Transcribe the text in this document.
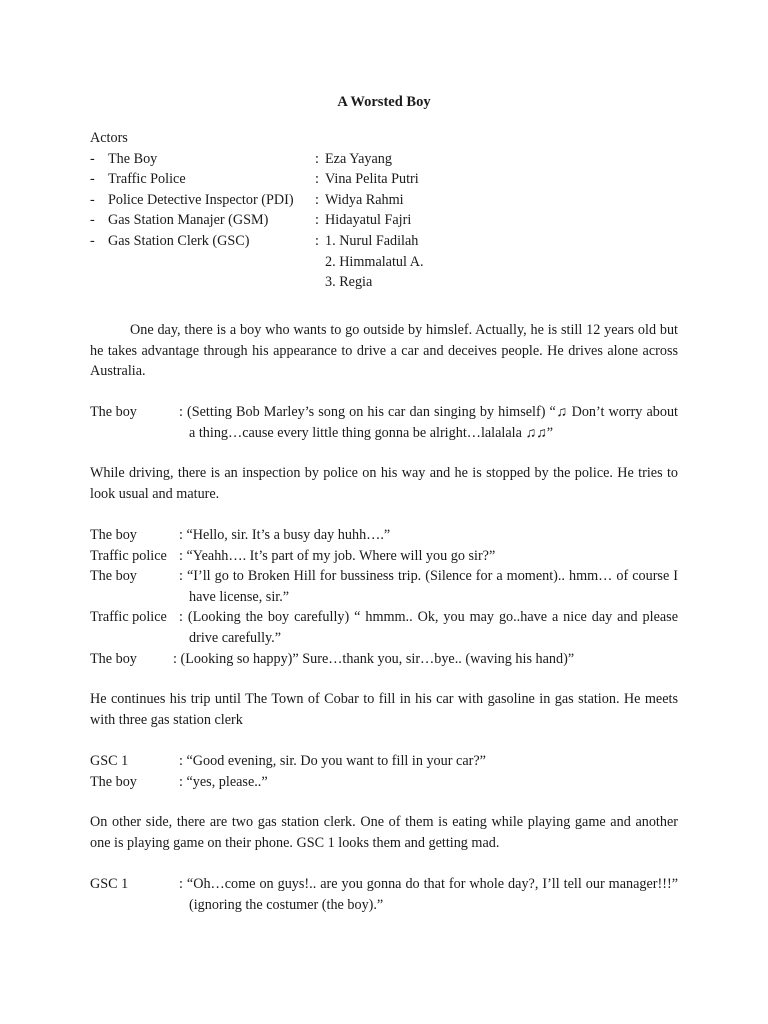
A Worsted Boy
Actors
- The Boy	: Eza Yayang
- Traffic Police	: Vina Pelita Putri
- Police Detective Inspector (PDI) : Widya Rahmi
- Gas Station Manajer (GSM)	: Hidayatul Fajri
- Gas Station Clerk (GSC)	: 1. Nurul Fadilah
2. Himmalatul A.
3. Regia

One day, there is a boy who wants to go outside by himslef. Actually, he is still 12 years old but he takes advantage through his appearance to drive a car and deceives people. He drives alone across Australia.

The boy	: (Setting Bob Marley’s song on his car dan singing by himself) “♫ Don’t worry about a thing…cause every little thing gonna be alright…lalalala ♫♫”

While driving, there is an inspection by police on his way and he is stopped by the police. He tries to look usual and mature.

The boy	: “Hello, sir. It’s a busy day huhh….”
Traffic police : “Yeahh…. It’s part of my job. Where will you go sir?”
The boy	: “I’ll go to Broken Hill for bussiness trip. (Silence for a moment).. hmm… of course I have license, sir.”
Traffic police : (Looking the boy carefully) “ hmmm.. Ok, you may go..have a nice day and please drive carefully.”
The boy	: (Looking so happy)” Sure…thank you, sir…bye.. (waving his hand)”

He continues his trip until The Town of Cobar to fill in his car with gasoline in gas station. He meets with three gas station clerk

GSC 1	: “Good evening, sir. Do you want to fill in your car?”
The boy	: “yes, please..”

On other side, there are two gas station clerk. One of them is eating while playing game and another one is playing game on their phone. GSC 1 looks them and getting mad.

GSC 1	: “Oh…come on guys!.. are you gonna do that for whole day?, I’ll tell our manager!!!” (ignoring the costumer (the boy).”
